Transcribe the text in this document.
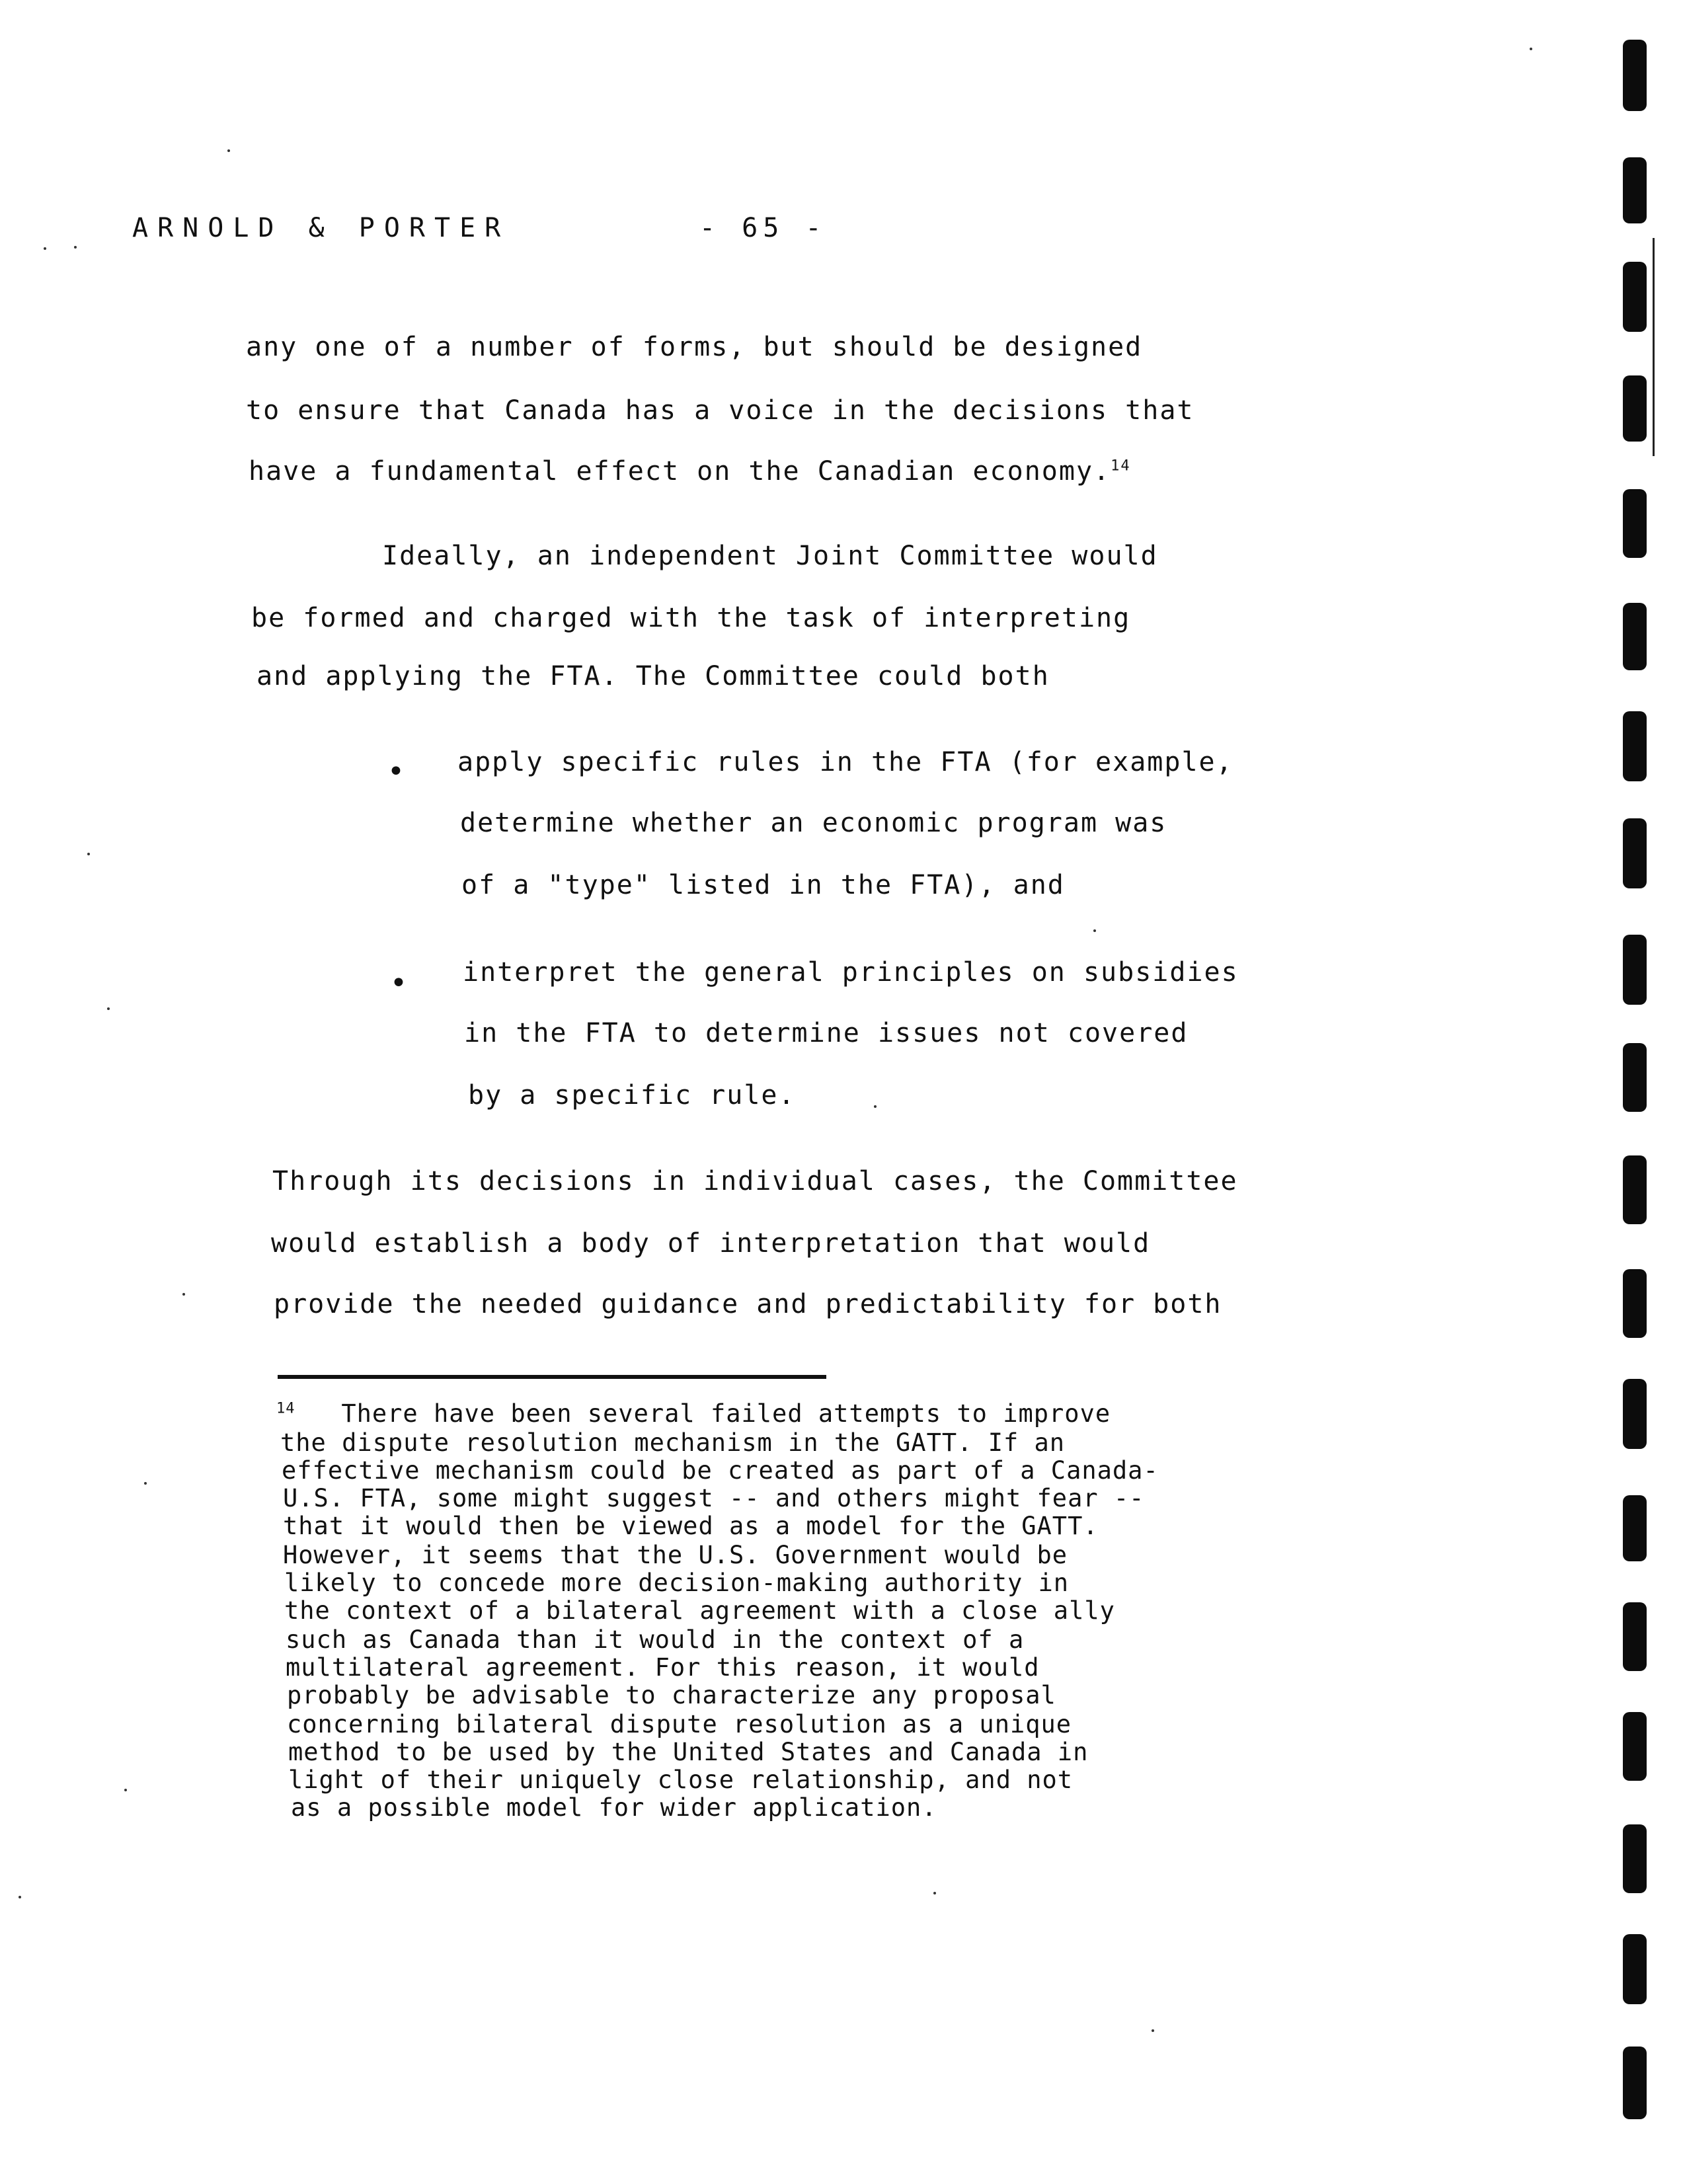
ARNOLD & PORTER	- 65 -
any one of a number of forms, but should be designed
to ensure that Canada has a voice in the decisions that
have a fundamental effect on the Canadian economy.$^{14}$
Ideally, an independent Joint Committee would
be formed and charged with the task of interpreting
and applying the FTA. The Committee could both
• apply specific rules in the FTA (for example,
determine whether an economic program was
of a "type" listed in the FTA), and
• interpret the general principles on subsidies
in the FTA to determine issues not covered
by a specific rule.
Through its decisions in individual cases, the Committee
would establish a body of interpretation that would
provide the needed guidance and predictability for both
$^{14}$ There have been several failed attempts to improve
the dispute resolution mechanism in the GATT. If an
effective mechanism could be created as part of a Canada-
U.S. FTA, some might suggest -- and others might fear --
that it would then be viewed as a model for the GATT.
However, it seems that the U.S. Government would be
likely to concede more decision-making authority in
the context of a bilateral agreement with a close ally
such as Canada than it would in the context of a
multilateral agreement. For this reason, it would
probably be advisable to characterize any proposal
concerning bilateral dispute resolution as a unique
method to be used by the United States and Canada in
light of their uniquely close relationship, and not
as a possible model for wider application.
